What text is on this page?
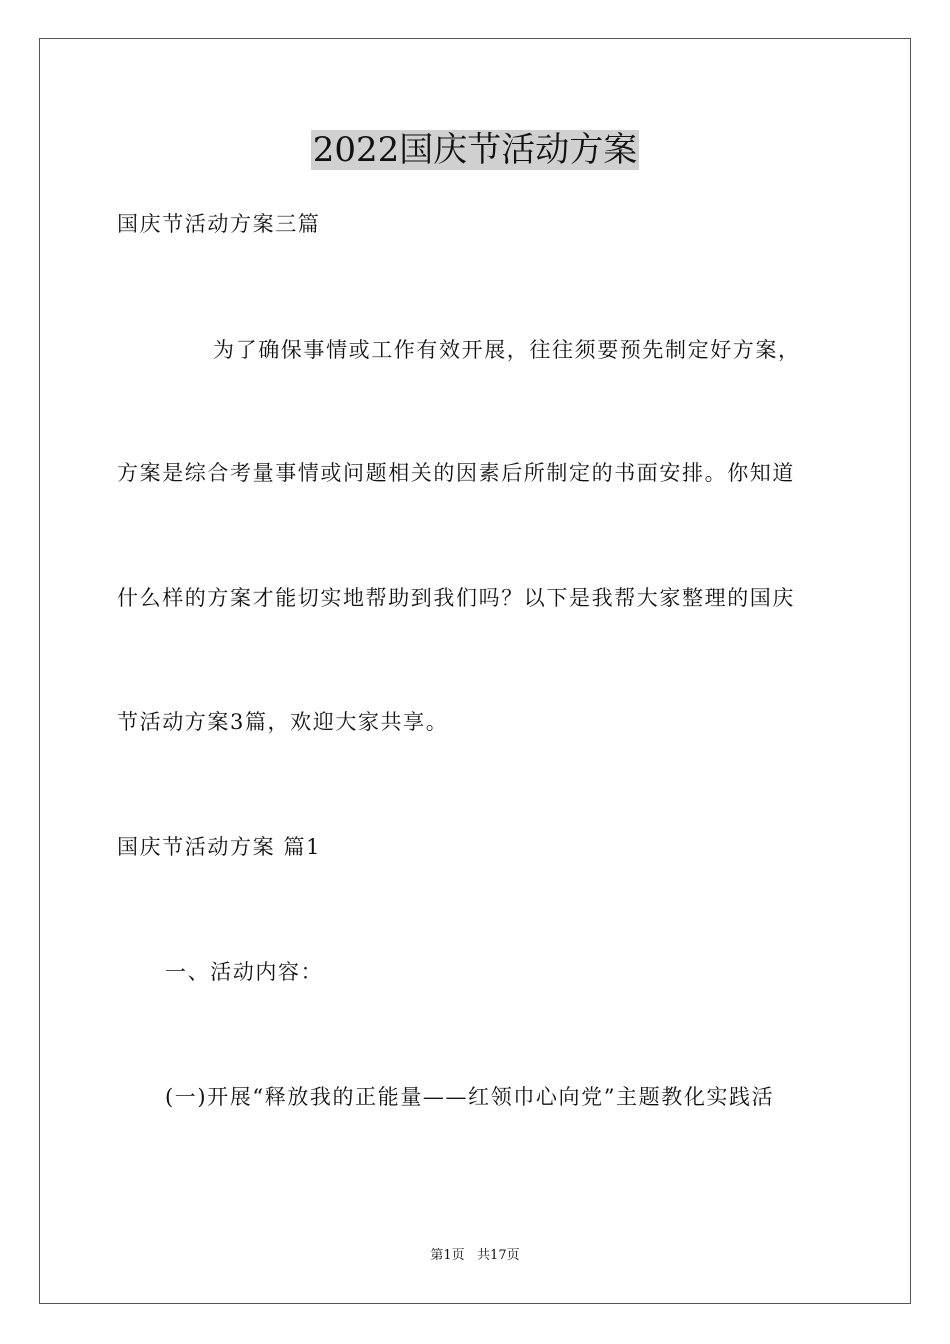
2022国庆节活动方案
国庆节活动方案三篇
为了确保事情或工作有效开展，往往须要预先制定好方案，
方案是综合考量事情或问题相关的因素后所制定的书面安排。你知道
什么样的方案才能切实地帮助到我们吗？以下是我帮大家整理的国庆
节活动方案3篇，欢迎大家共享。
国庆节活动方案 篇1
一、活动内容：
(一)开展“释放我的正能量——红领巾心向党”主题教化实践活
第1页   共17页
